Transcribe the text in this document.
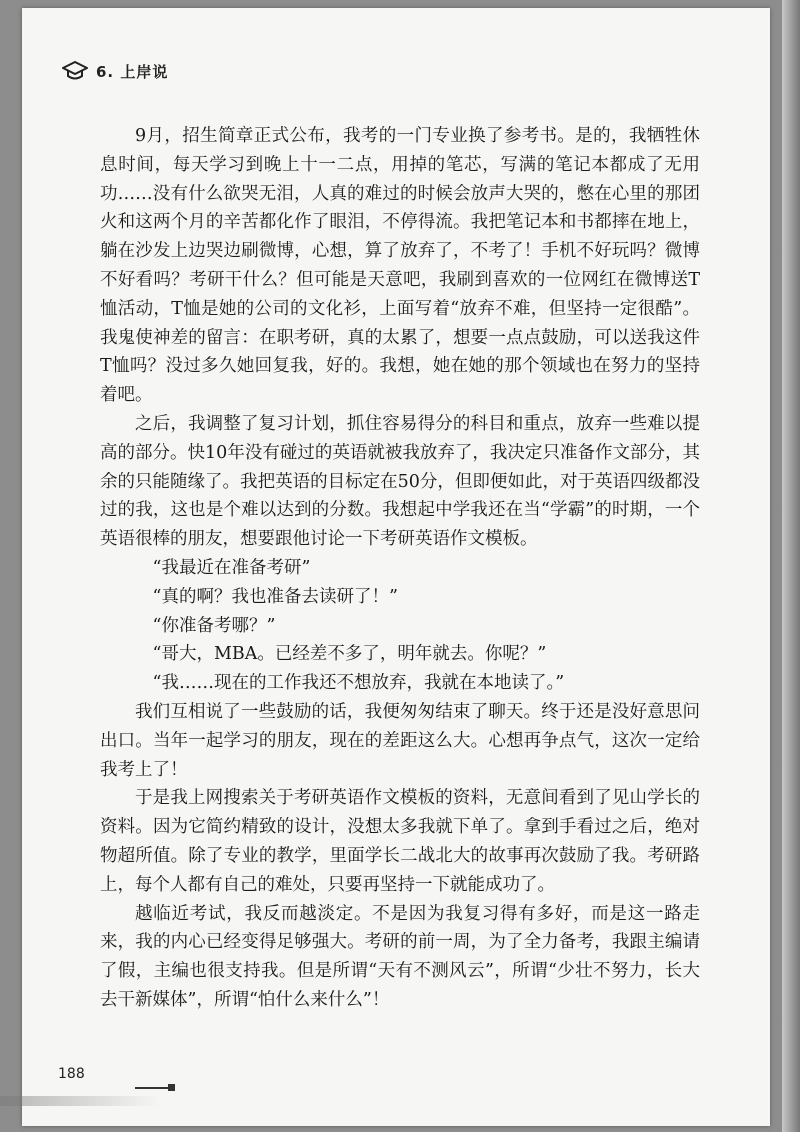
6. 上岸说

9月，招生简章正式公布，我考的一门专业换了参考书。是的，我牺牲休息时间，每天学习到晚上十一二点，用掉的笔芯，写满的笔记本都成了无用功……没有什么欲哭无泪，人真的难过的时候会放声大哭的，憋在心里的那团火和这两个月的辛苦都化作了眼泪，不停得流。我把笔记本和书都摔在地上，躺在沙发上边哭边刷微博，心想，算了放弃了，不考了！手机不好玩吗？微博不好看吗？考研干什么？但可能是天意吧，我刷到喜欢的一位网红在微博送T恤活动，T恤是她的公司的文化衫，上面写着“放弃不难，但坚持一定很酷”。我鬼使神差的留言：在职考研，真的太累了，想要一点点鼓励，可以送我这件T恤吗？没过多久她回复我，好的。我想，她在她的那个领域也在努力的坚持着吧。

之后，我调整了复习计划，抓住容易得分的科目和重点，放弃一些难以提高的部分。快10年没有碰过的英语就被我放弃了，我决定只准备作文部分，其余的只能随缘了。我把英语的目标定在50分，但即便如此，对于英语四级都没过的我，这也是个难以达到的分数。我想起中学我还在当“学霸”的时期，一个英语很棒的朋友，想要跟他讨论一下考研英语作文模板。

“我最近在准备考研”

“真的啊？我也准备去读研了！”

“你准备考哪？”

“哥大，MBA。已经差不多了，明年就去。你呢？”

“我……现在的工作我还不想放弃，我就在本地读了。”

我们互相说了一些鼓励的话，我便匆匆结束了聊天。终于还是没好意思问出口。当年一起学习的朋友，现在的差距这么大。心想再争点气，这次一定给我考上了！

于是我上网搜索关于考研英语作文模板的资料，无意间看到了见山学长的资料。因为它简约精致的设计，没想太多我就下单了。拿到手看过之后，绝对物超所值。除了专业的教学，里面学长二战北大的故事再次鼓励了我。考研路上，每个人都有自己的难处，只要再坚持一下就能成功了。

越临近考试，我反而越淡定。不是因为我复习得有多好，而是这一路走来，我的内心已经变得足够强大。考研的前一周，为了全力备考，我跟主编请了假，主编也很支持我。但是所谓“天有不测风云”，所谓“少壮不努力，长大去干新媒体”，所谓“怕什么来什么”！

188
